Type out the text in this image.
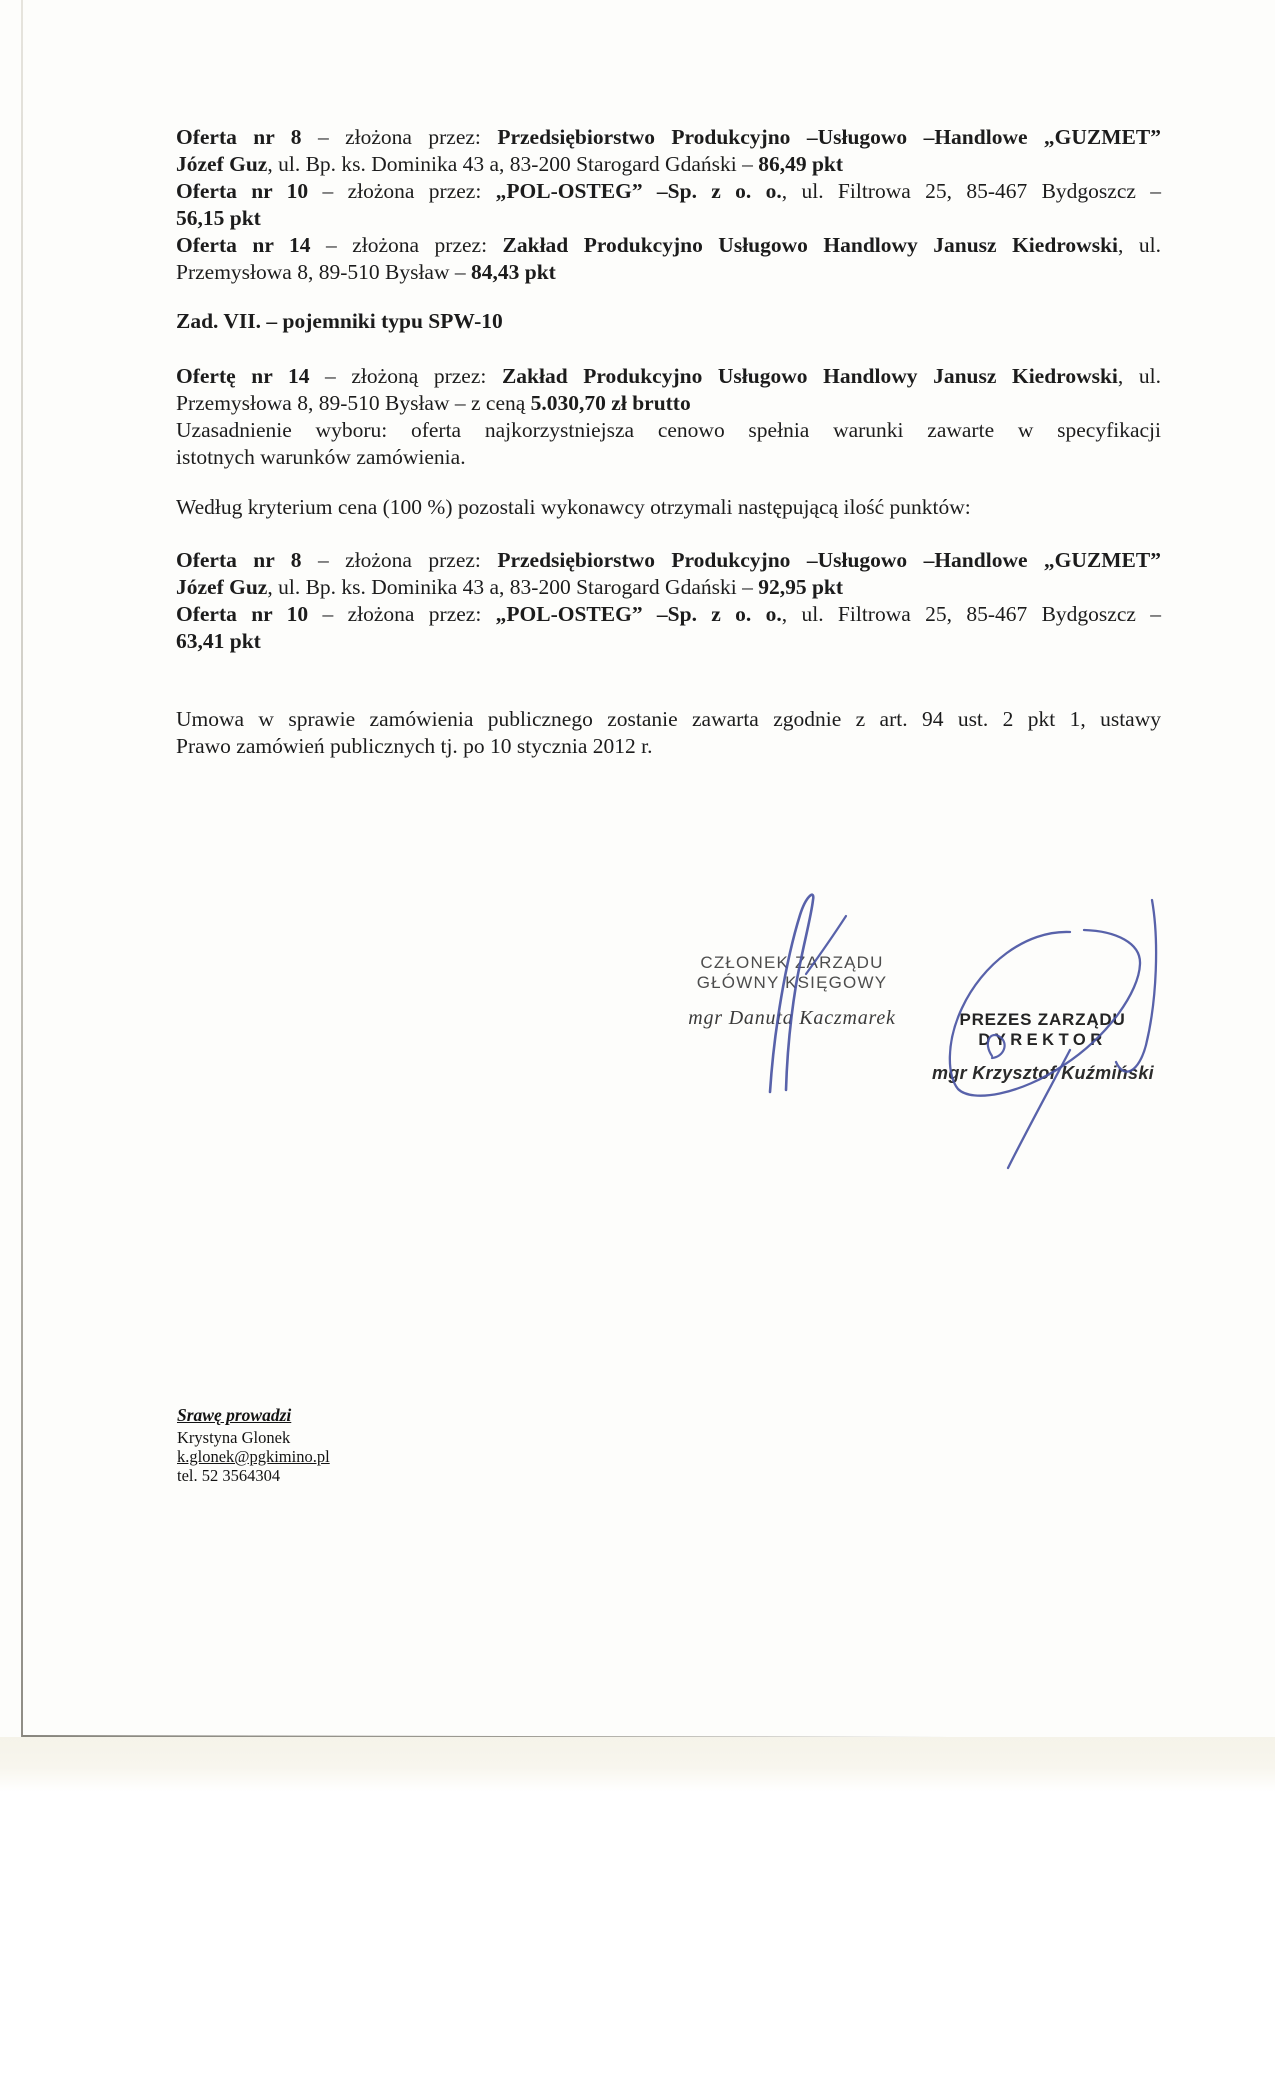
Oferta nr 8 – złożona przez: Przedsiębiorstwo Produkcyjno –Usługowo –Handlowe „GUZMET”
Józef Guz, ul. Bp. ks. Dominika 43 a, 83-200 Starogard Gdański – 86,49 pkt
Oferta nr 10 – złożona przez: „POL-OSTEG” –Sp. z o. o., ul. Filtrowa 25, 85-467 Bydgoszcz –
56,15 pkt
Oferta nr 14 – złożona przez: Zakład Produkcyjno Usługowo Handlowy Janusz Kiedrowski, ul.
Przemysłowa 8, 89-510 Bysław – 84,43 pkt
Zad. VII. – pojemniki typu SPW-10
Ofertę nr 14 – złożoną przez: Zakład Produkcyjno Usługowo Handlowy Janusz Kiedrowski, ul.
Przemysłowa 8, 89-510 Bysław – z ceną 5.030,70 zł brutto
Uzasadnienie wyboru: oferta najkorzystniejsza cenowo spełnia warunki zawarte w specyfikacji
istotnych warunków zamówienia.
Według kryterium cena (100 %) pozostali wykonawcy otrzymali następującą ilość punktów:
Oferta nr 8 – złożona przez: Przedsiębiorstwo Produkcyjno –Usługowo –Handlowe „GUZMET”
Józef Guz, ul. Bp. ks. Dominika 43 a, 83-200 Starogard Gdański – 92,95 pkt
Oferta nr 10 – złożona przez: „POL-OSTEG” –Sp. z o. o., ul. Filtrowa 25, 85-467 Bydgoszcz –
63,41 pkt
Umowa w sprawie zamówienia publicznego zostanie zawarta zgodnie z art. 94 ust. 2 pkt 1, ustawy
Prawo zamówień publicznych tj. po 10 stycznia 2012 r.
CZŁONEK ZARZĄDU
GŁÓWNY KSIĘGOWY
mgr Danuta Kaczmarek	PREZES ZARZĄDU
DYREKTOR
mgr Krzysztof Kuźmiński
Srawę prowadzi
Krystyna Glonek
k.glonek@pgkimino.pl
tel. 52 3564304
